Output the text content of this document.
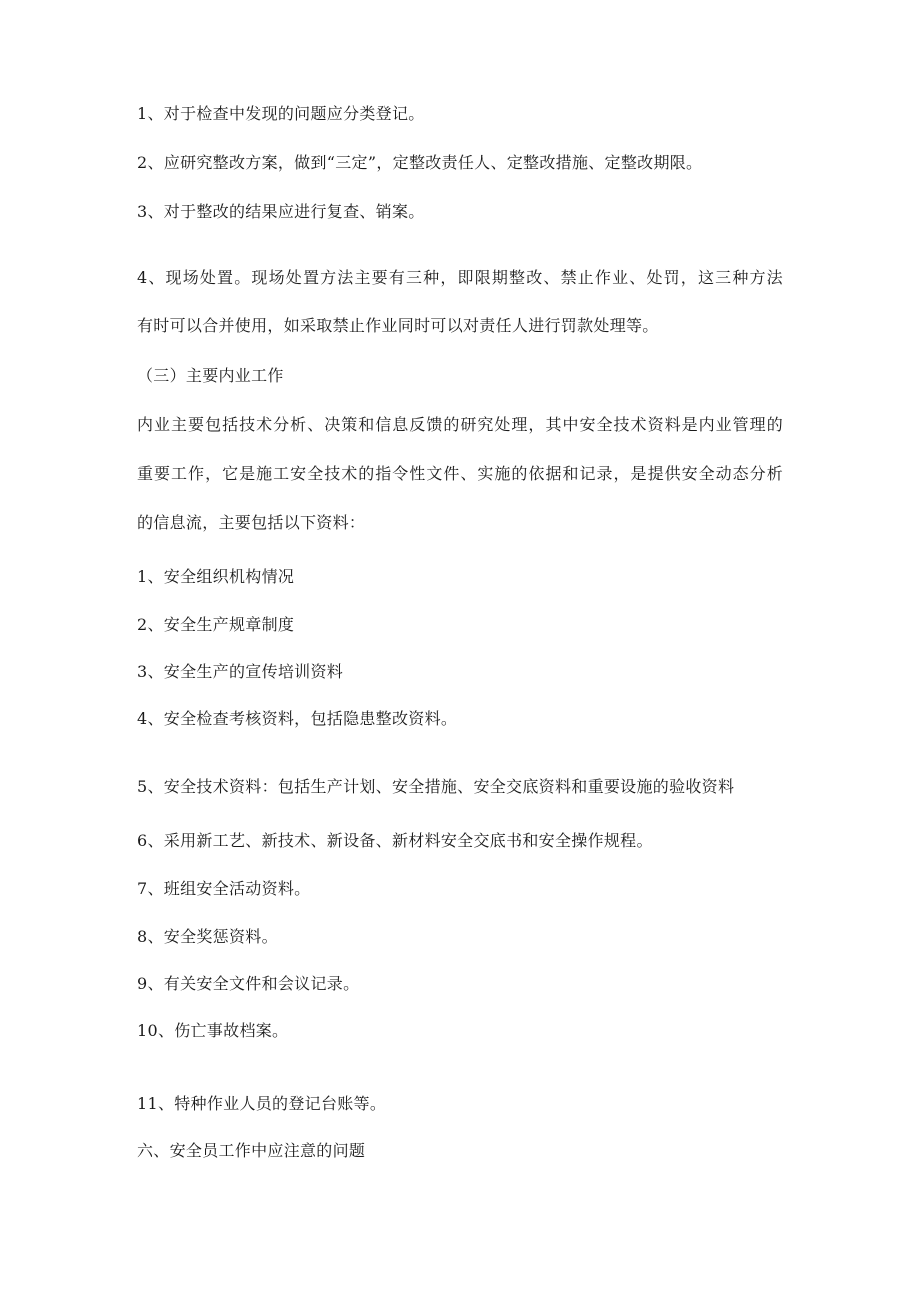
1、对于检查中发现的问题应分类登记。
2、应研究整改方案，做到“三定”，定整改责任人、定整改措施、定整改期限。
3、对于整改的结果应进行复查、销案。
4、现场处置。现场处置方法主要有三种，即限期整改、禁止作业、处罚，这三种方法
有时可以合并使用，如采取禁止作业同时可以对责任人进行罚款处理等。
（三）主要内业工作
内业主要包括技术分析、决策和信息反馈的研究处理，其中安全技术资料是内业管理的
重要工作，它是施工安全技术的指令性文件、实施的依据和记录，是提供安全动态分析
的信息流，主要包括以下资料：
1、安全组织机构情况
2、安全生产规章制度
3、安全生产的宣传培训资料
4、安全检查考核资料，包括隐患整改资料。
5、安全技术资料：包括生产计划、安全措施、安全交底资料和重要设施的验收资料
6、采用新工艺、新技术、新设备、新材料安全交底书和安全操作规程。
7、班组安全活动资料。
8、安全奖惩资料。
9、有关安全文件和会议记录。
10、伤亡事故档案。
11、特种作业人员的登记台账等。
六、安全员工作中应注意的问题
